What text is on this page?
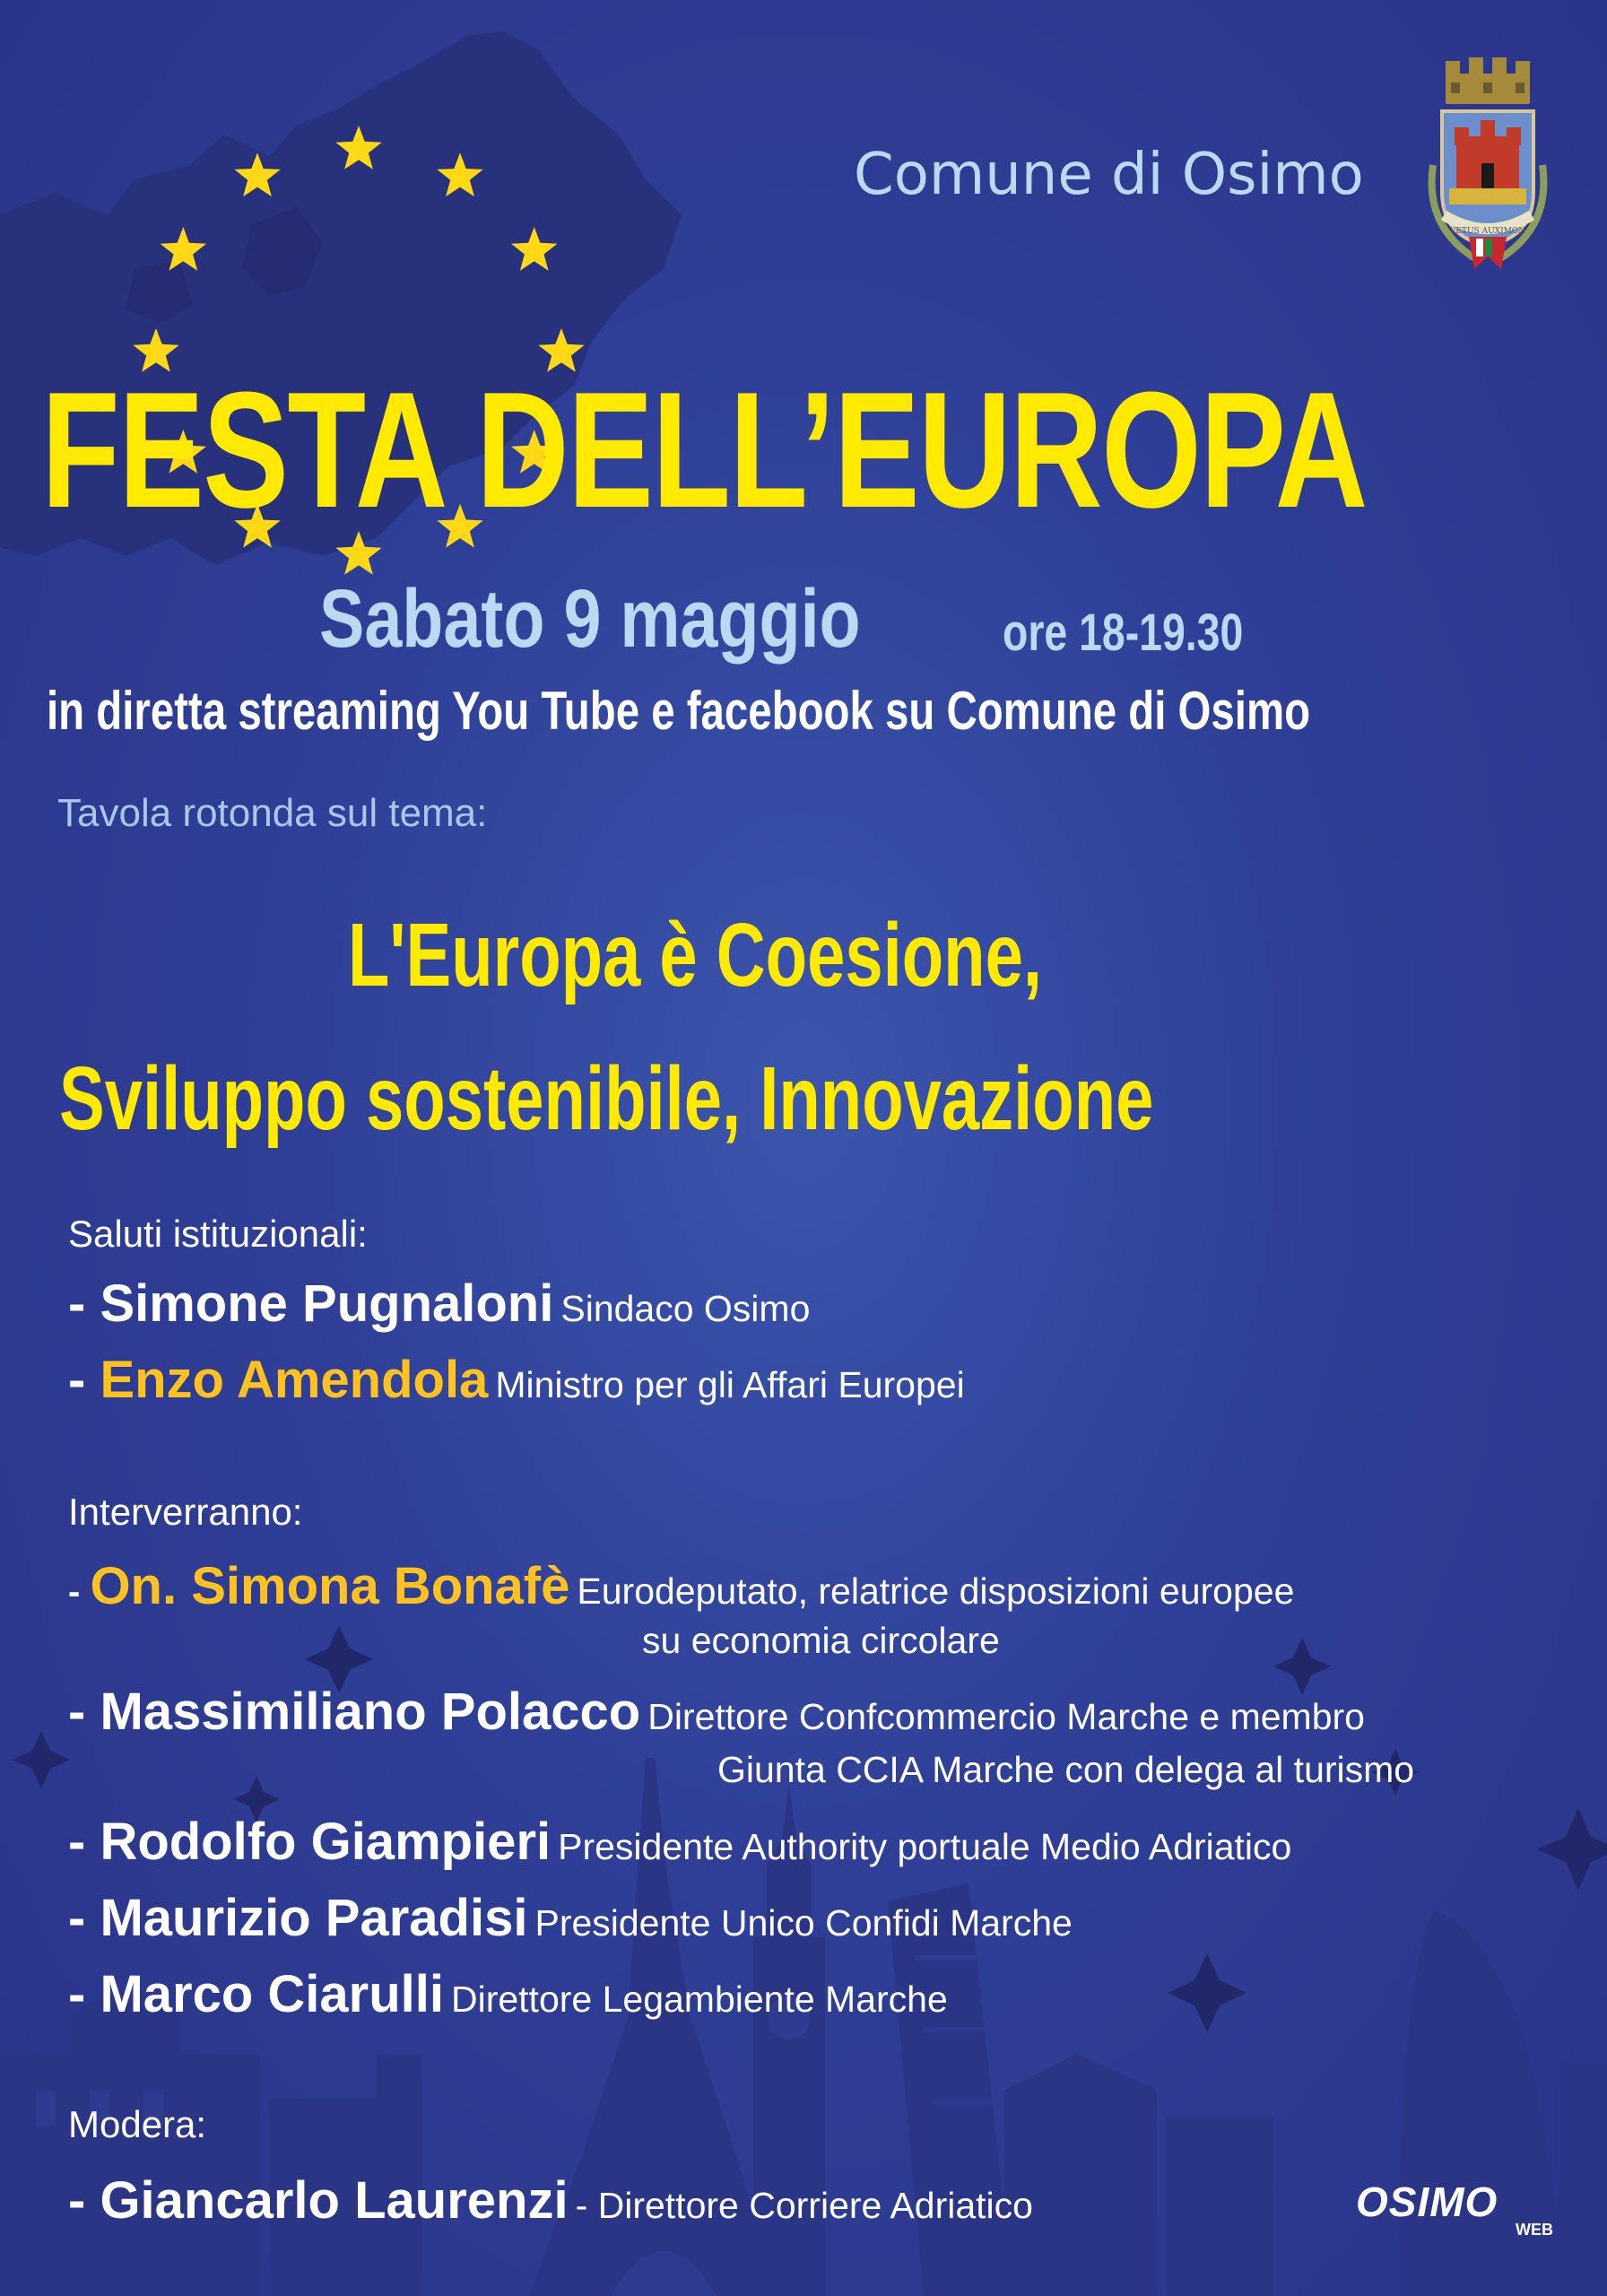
Comune di Osimo
VETUS AUXIMON
FESTA DELL’EUROPA
Sabato 9 maggio	ore 18-19.30
in diretta streaming You Tube e facebook su Comune di Osimo
Tavola rotonda sul tema:
L'Europa è Coesione,
Sviluppo sostenibile, Innovazione
Saluti istituzionali:
- Simone Pugnaloni Sindaco Osimo
- Enzo Amendola Ministro per gli Affari Europei
Interverranno:
- On. Simona Bonafè Eurodeputato, relatrice disposizioni europee
su economia circolare
- Massimiliano Polacco Direttore Confcommercio Marche e membro
Giunta CCIA Marche con delega al turismo
- Rodolfo Giampieri Presidente Authority portuale Medio Adriatico
- Maurizio Paradisi Presidente Unico Confidi Marche
- Marco Ciarulli Direttore Legambiente Marche
Modera:
- Giancarlo Laurenzi - Direttore Corriere Adriatico	OSIMO
WEB
